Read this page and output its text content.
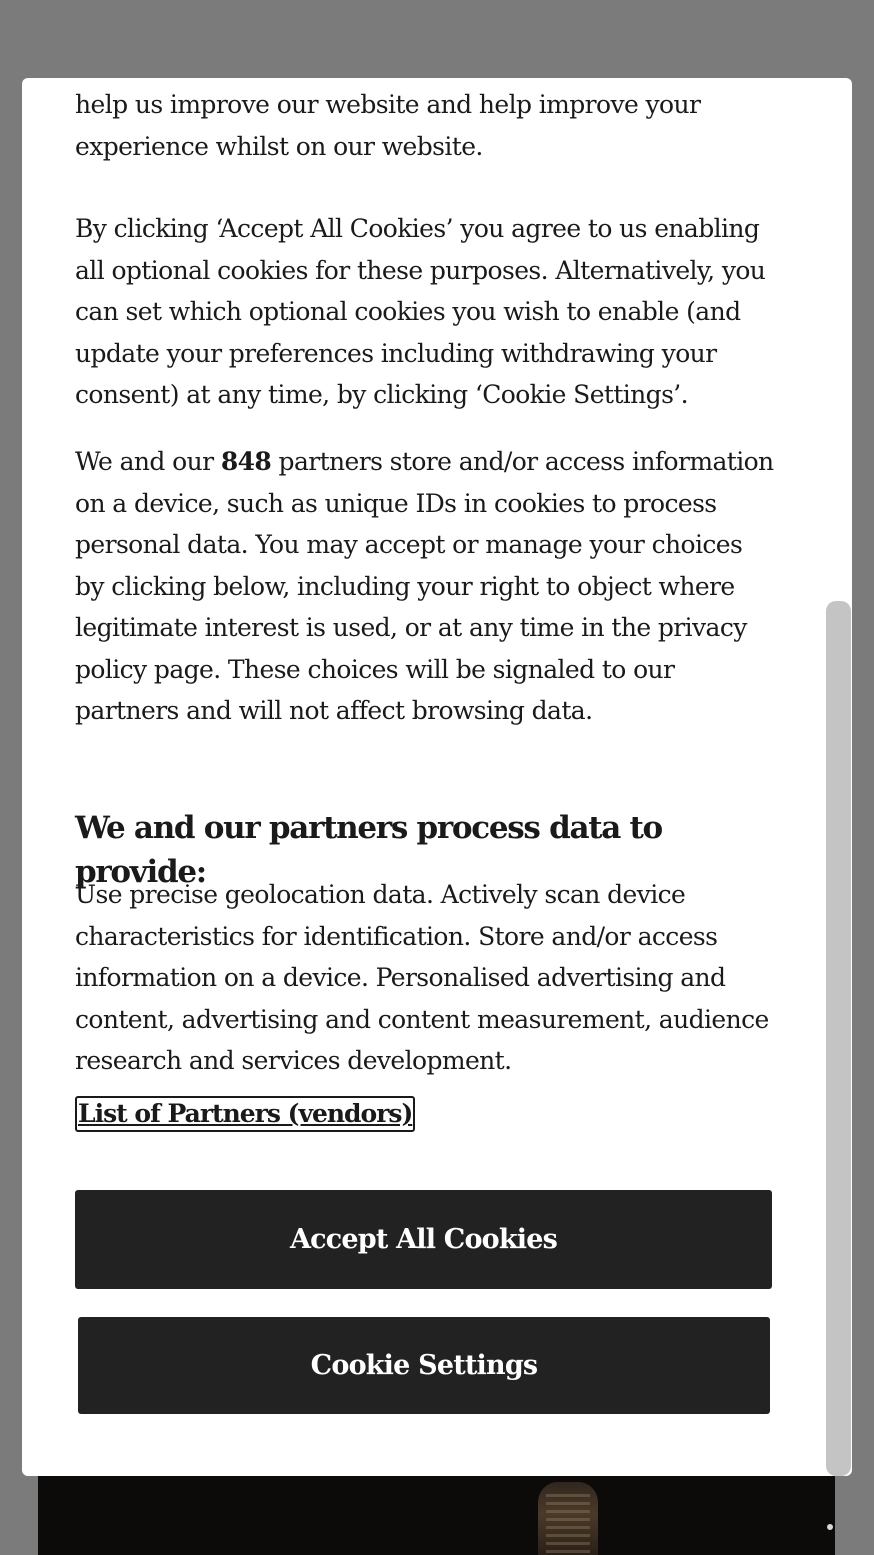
help us improve our website and help improve your experience whilst on our website.

By clicking ‘Accept All Cookies’ you agree to us enabling all optional cookies for these purposes. Alternatively, you can set which optional cookies you wish to enable (and update your preferences including withdrawing your consent) at any time, by clicking ‘Cookie Settings’.

We and our 848 partners store and/or access information on a device, such as unique IDs in cookies to process personal data. You may accept or manage your choices by clicking below, including your right to object where legitimate interest is used, or at any time in the privacy policy page. These choices will be signaled to our partners and will not affect browsing data.

We and our partners process data to provide:

Use precise geolocation data. Actively scan device characteristics for identification. Store and/or access information on a device. Personalised advertising and content, advertising and content measurement, audience research and services development.

List of Partners (vendors)
Accept All Cookies
Cookie Settings
